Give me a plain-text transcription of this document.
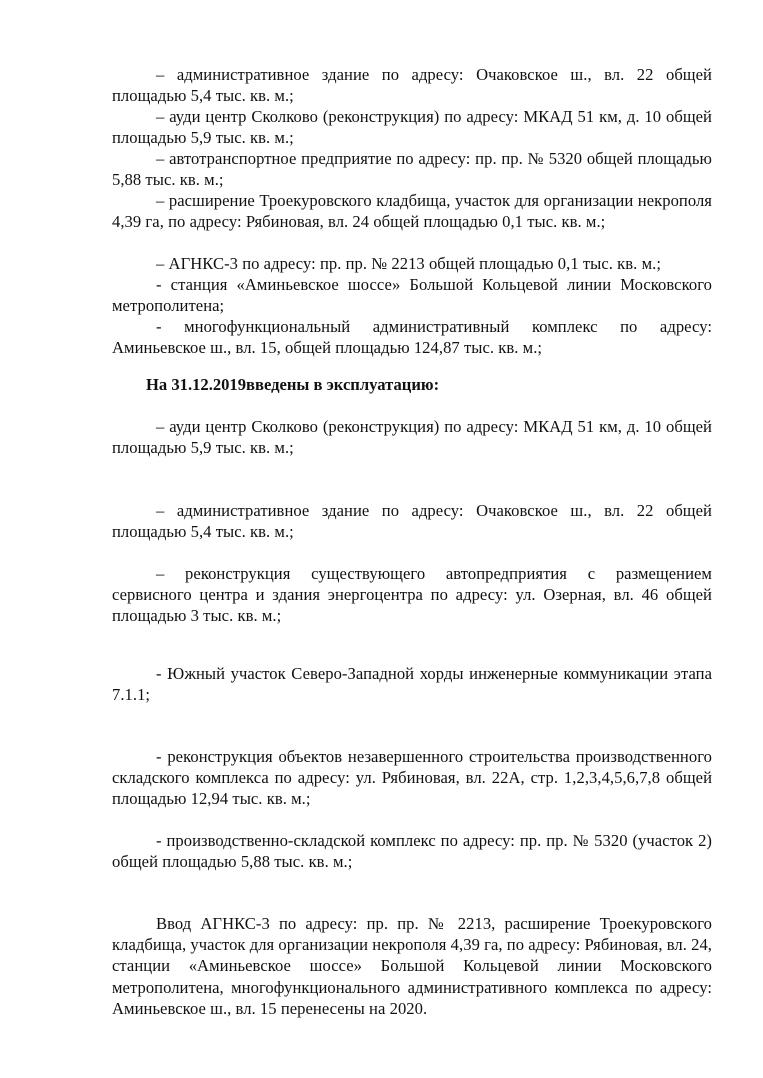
– административное здание по адресу: Очаковское ш., вл. 22 общей площадью 5,4 тыс. кв. м.;

– ауди центр Сколково (реконструкция) по адресу: МКАД 51 км, д. 10 общей площадью 5,9 тыс. кв. м.;

– автотранспортное предприятие по адресу: пр. пр. № 5320 общей площадью 5,88 тыс. кв. м.;

– расширение Троекуровского кладбища, участок для организации некрополя 4,39 га, по адресу: Рябиновая, вл. 24 общей площадью 0,1 тыс. кв. м.;

– АГНКС-3 по адресу: пр. пр. № 2213 общей площадью 0,1 тыс. кв. м.;

- станция «Аминьевское шоссе» Большой Кольцевой линии Московского метрополитена;

- многофункциональный административный комплекс по адресу: Аминьевское ш., вл. 15, общей площадью 124,87 тыс. кв. м.;

На 31.12.2019введены в эксплуатацию:

– ауди центр Сколково (реконструкция) по адресу: МКАД 51 км, д. 10 общей площадью 5,9 тыс. кв. м.;

– административное здание по адресу: Очаковское ш., вл. 22 общей площадью 5,4 тыс. кв. м.;

– реконструкция существующего автопредприятия с размещением сервисного центра и здания энергоцентра по адресу: ул. Озерная, вл. 46 общей площадью 3 тыс. кв. м.;

- Южный участок Северо-Западной хорды инженерные коммуникации этапа 7.1.1;

- реконструкция объектов незавершенного строительства производственного складского комплекса по адресу: ул. Рябиновая, вл. 22А, стр. 1,2,3,4,5,6,7,8 общей площадью 12,94 тыс. кв. м.;

- производственно-складской комплекс по адресу: пр. пр. № 5320 (участок 2) общей площадью 5,88 тыс. кв. м.;

Ввод АГНКС-3 по адресу: пр. пр. № 2213, расширение Троекуровского кладбища, участок для организации некрополя 4,39 га, по адресу: Рябиновая, вл. 24, станции «Аминьевское шоссе» Большой Кольцевой линии Московского метрополитена, многофункционального административного комплекса по адресу: Аминьевское ш., вл. 15 перенесены на 2020.
